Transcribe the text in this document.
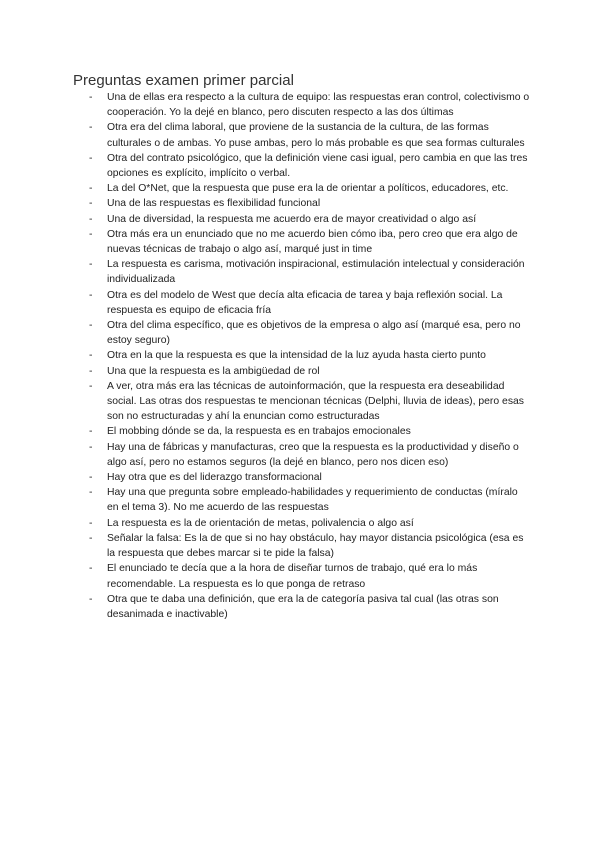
Preguntas examen primer parcial
- Una de ellas era respecto a la cultura de equipo: las respuestas eran control, colectivismo o cooperación. Yo la dejé en blanco, pero discuten respecto a las dos últimas
- Otra era del clima laboral, que proviene de la sustancia de la cultura, de las formas culturales o de ambas. Yo puse ambas, pero lo más probable es que sea formas culturales
- Otra del contrato psicológico, que la definición viene casi igual, pero cambia en que las tres opciones es explícito, implícito o verbal.
- La del O*Net, que la respuesta que puse era la de orientar a políticos, educadores, etc.
- Una de las respuestas es flexibilidad funcional
- Una de diversidad, la respuesta me acuerdo era de mayor creatividad o algo así
- Otra más era un enunciado que no me acuerdo bien cómo iba, pero creo que era algo de nuevas técnicas de trabajo o algo así, marqué just in time
- La respuesta es carisma, motivación inspiracional, estimulación intelectual y consideración individualizada
- Otra es del modelo de West que decía alta eficacia de tarea y baja reflexión social. La respuesta es equipo de eficacia fría
- Otra del clima específico, que es objetivos de la empresa o algo así (marqué esa, pero no estoy seguro)
- Otra en la que la respuesta es que la intensidad de la luz ayuda hasta cierto punto
- Una que la respuesta es la ambigüedad de rol
- A ver, otra más era las técnicas de autoinformación, que la respuesta era deseabilidad social. Las otras dos respuestas te mencionan técnicas (Delphi, lluvia de ideas), pero esas son no estructuradas y ahí la enuncian como estructuradas
- El mobbing dónde se da, la respuesta es en trabajos emocionales
- Hay una de fábricas y manufacturas, creo que la respuesta es la productividad y diseño o algo así, pero no estamos seguros (la dejé en blanco, pero nos dicen eso)
- Hay otra que es del liderazgo transformacional
- Hay una que pregunta sobre empleado-habilidades y requerimiento de conductas (míralo en el tema 3). No me acuerdo de las respuestas
- La respuesta es la de orientación de metas, polivalencia o algo así
- Señalar la falsa: Es la de que si no hay obstáculo, hay mayor distancia psicológica (esa es la respuesta que debes marcar si te pide la falsa)
- El enunciado te decía que a la hora de diseñar turnos de trabajo, qué era lo más recomendable. La respuesta es lo que ponga de retraso
- Otra que te daba una definición, que era la de categoría pasiva tal cual (las otras son desanimada e inactivable)
